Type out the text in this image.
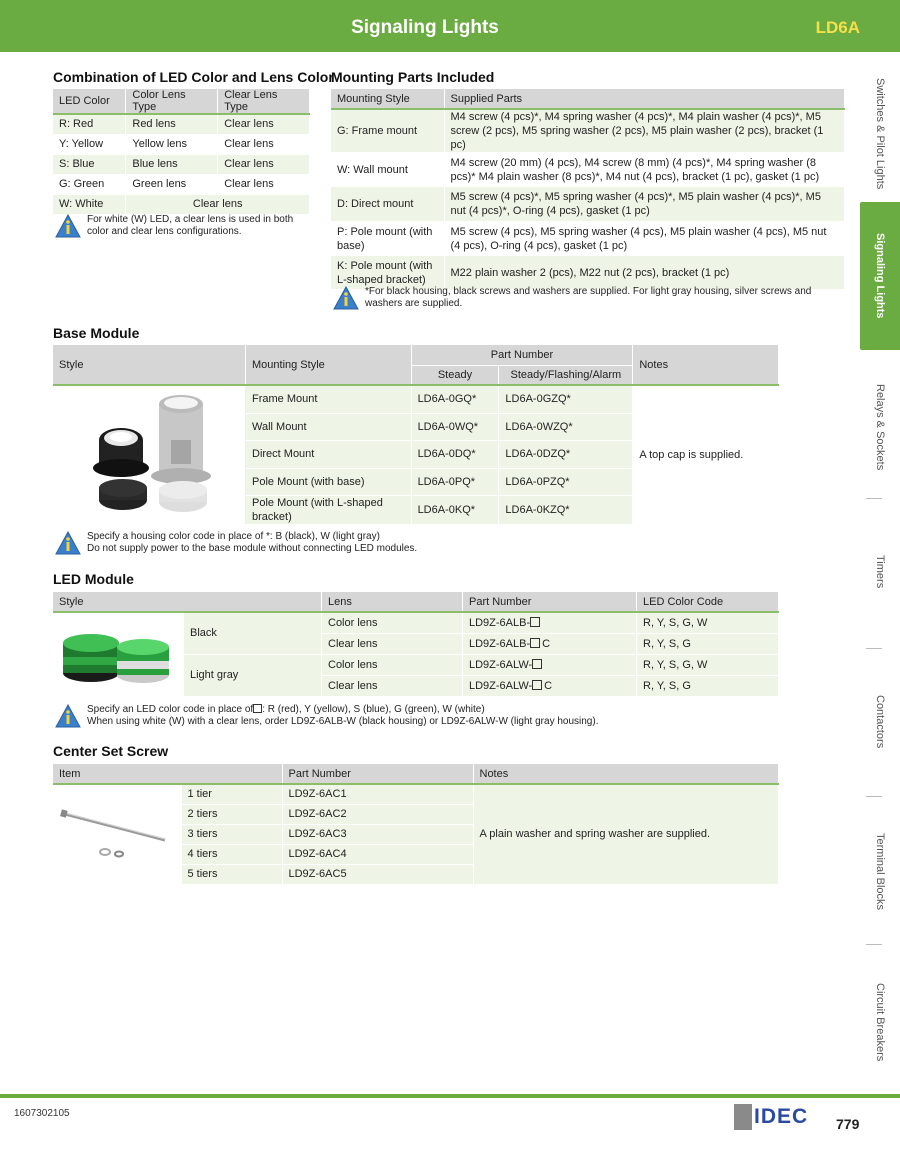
Signaling Lights	LD6A
Switches & Pilot Lights
Signaling Lights
Relays & Sockets
Timers
Contactors
Terminal Blocks
Circuit Breakers
Combination of LED Color and Lens Color
LED Color	Color Lens Type	Clear Lens Type
R: Red	Red lens	Clear lens
Y: Yellow	Yellow lens	Clear lens
S: Blue	Blue lens	Clear lens
G: Green	Green lens	Clear lens
W: White	Clear lens	
For white (W) LED, a clear lens is used in both color and clear lens configurations.
Mounting Parts Included
Mounting Style	Supplied Parts
G: Frame mount	M4 screw (4 pcs)*, M4 spring washer (4 pcs)*, M4 plain washer (4 pcs)*, M5 screw (2 pcs), M5 spring washer (2 pcs), M5 plain washer (2 pcs), bracket (1 pc)
W: Wall mount	M4 screw (20 mm) (4 pcs), M4 screw (8 mm) (4 pcs)*, M4 spring washer (8 pcs)* M4 plain washer (8 pcs)*, M4 nut (4 pcs), bracket (1 pc), gasket (1 pc)
D: Direct mount	M5 screw (4 pcs)*, M5 spring washer (4 pcs)*, M5 plain washer (4 pcs)*, M5 nut (4 pcs)*, O-ring (4 pcs), gasket (1 pc)
P: Pole mount (with base)	M5 screw (4 pcs), M5 spring washer (4 pcs), M5 plain washer (4 pcs), M5 nut (4 pcs), O-ring (4 pcs), gasket (1 pc)
K: Pole mount (with L-shaped bracket)	M22 plain washer 2 (pcs), M22 nut (2 pcs), bracket (1 pc)
*For black housing, black screws and washers are supplied. For light gray housing, silver screws and washers are supplied.
Base Module
Style	Mounting Style	Part Number		Notes
		Steady	Steady/Flashing/Alarm	
	Frame Mount	LD6A-0GQ*	LD6A-0GZQ*	A top cap is supplied.
	Wall Mount	LD6A-0WQ*	LD6A-0WZQ*	
	Direct Mount	LD6A-0DQ*	LD6A-0DZQ*	
	Pole Mount (with base)	LD6A-0PQ*	LD6A-0PZQ*	
	Pole Mount (with L-shaped bracket)	LD6A-0KQ*	LD6A-0KZQ*	
Specify a housing color code in place of *: B (black), W (light gray)
Do not supply power to the base module without connecting LED modules.
LED Module
Style		Lens	Part Number	LED Color Code
	Black	Color lens	LD9Z-6ALB-	R, Y, S, G, W
		Clear lens	LD9Z-6ALB- C	R, Y, S, G
	Light gray	Color lens	LD9Z-6ALW-	R, Y, S, G, W
		Clear lens	LD9Z-6ALW- C	R, Y, S, G
Specify an LED color code in place of : R (red), Y (yellow), S (blue), G (green), W (white)
When using white (W) with a clear lens, order LD9Z-6ALB-W (black housing) or LD9Z-6ALW-W (light gray housing).
Center Set Screw
Item		Part Number	Notes
	1 tier	LD9Z-6AC1	A plain washer and spring washer are supplied.
	2 tiers	LD9Z-6AC2	
	3 tiers	LD9Z-6AC3	
	4 tiers	LD9Z-6AC4	
	5 tiers	LD9Z-6AC5	
1607302105	IDEC 779
